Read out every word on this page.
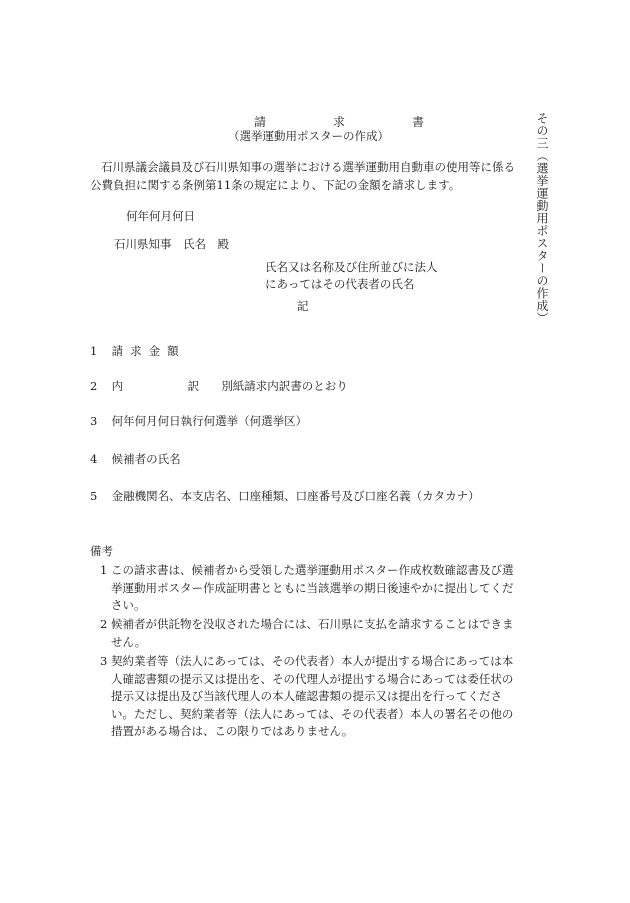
その三（選挙運動用ポスターの作成）
請	求	書
（選挙運動用ポスターの作成）
石川県議会議員及び石川県知事の選挙における選挙運動用自動車の使用等に係る公費負担に関する条例第11条の規定により、下記の金額を請求します。
何年何月何日
石川県知事　氏名　殿
氏名又は名称及び住所並びに法人
にあってはその代表者の氏名
記
1 請求金額
2 内	訳 別紙請求内訳書のとおり
3 何年何月何日執行何選挙（何選挙区）
4 候補者の氏名
5 金融機関名、本支店名、口座種類、口座番号及び口座名義（カタカナ）
備考
1 この請求書は、候補者から受領した選挙運動用ポスター作成枚数確認書及び選挙運動用ポスター作成証明書とともに当該選挙の期日後速やかに提出してください。
2 候補者が供託物を没収された場合には、石川県に支払を請求することはできません。
3 契約業者等（法人にあっては、その代表者）本人が提出する場合にあっては本人確認書類の提示又は提出を、その代理人が提出する場合にあっては委任状の提示又は提出及び当該代理人の本人確認書類の提示又は提出を行ってください。ただし、契約業者等（法人にあっては、その代表者）本人の署名その他の措置がある場合は、この限りではありません。
